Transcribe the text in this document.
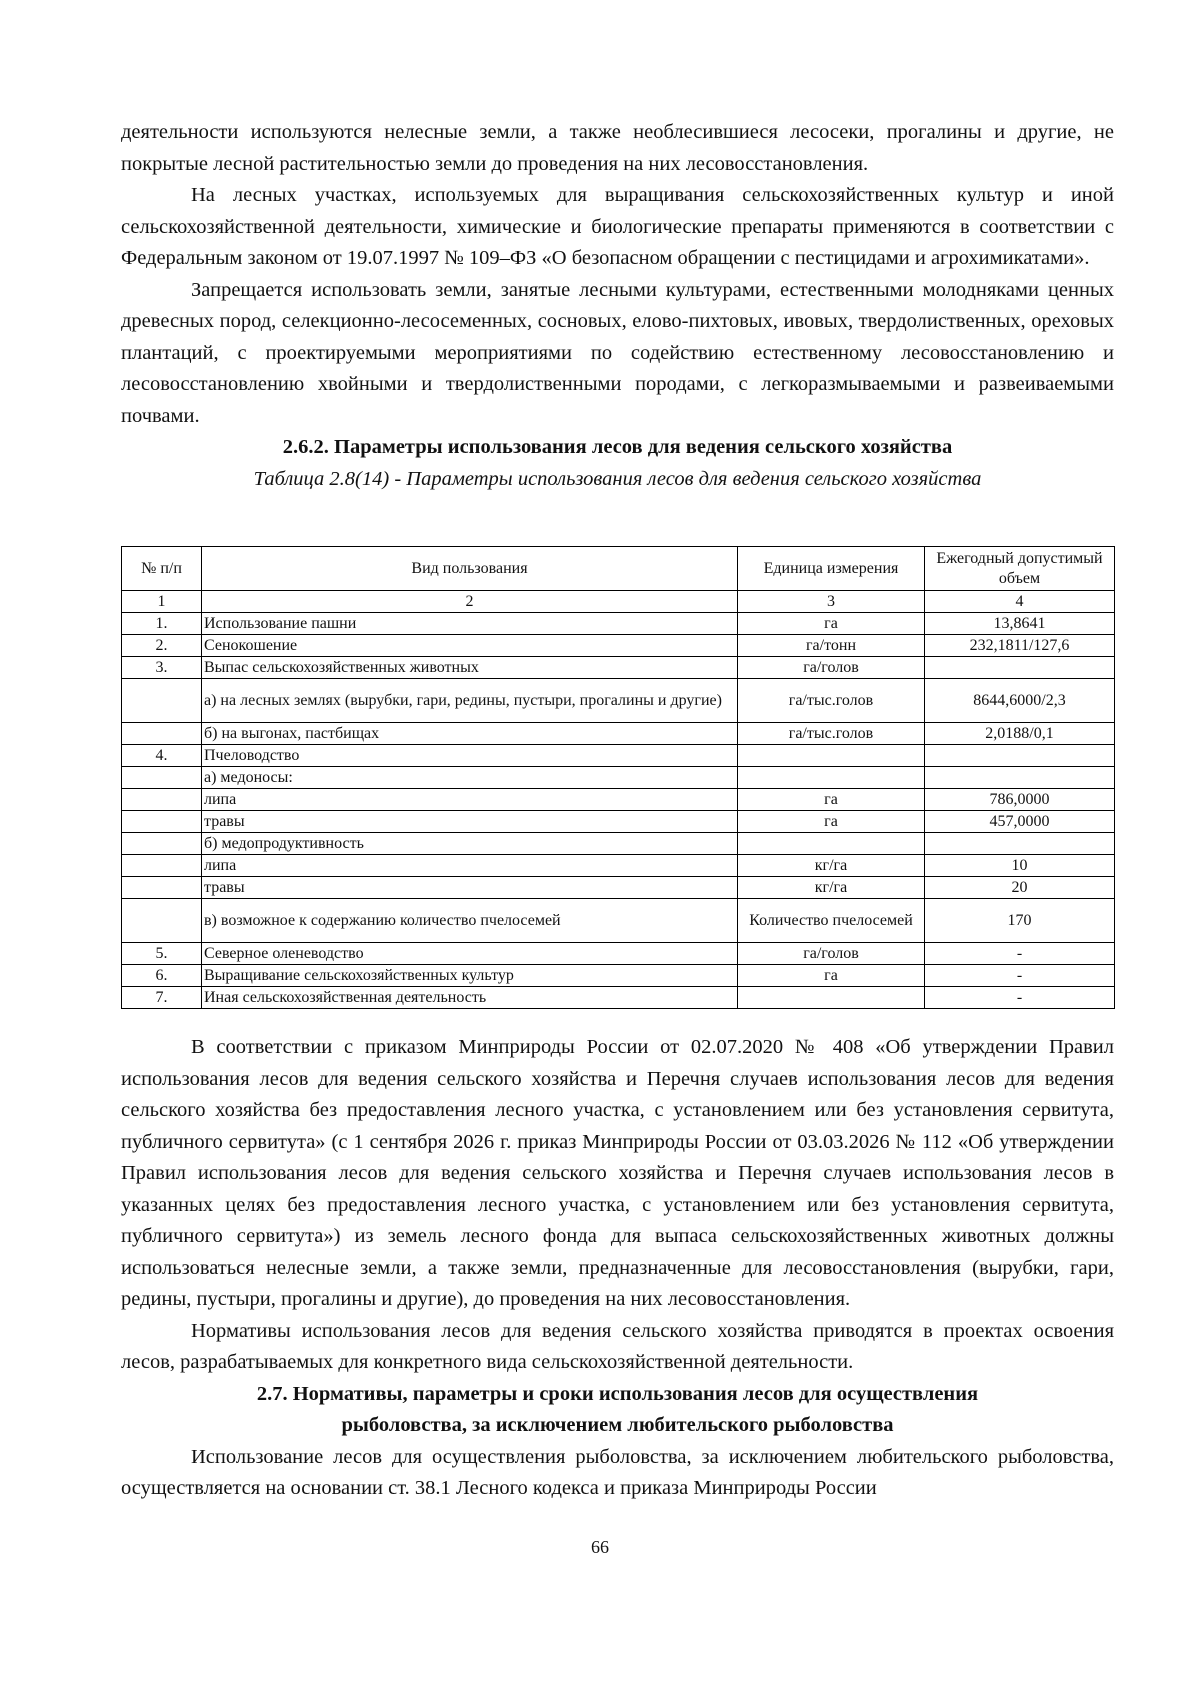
деятельности используются нелесные земли, а также необлесившиеся лесосеки, прогалины и другие, не покрытые лесной растительностью земли до проведения на них лесовосстановления.

На лесных участках, используемых для выращивания сельскохозяйственных культур и иной сельскохозяйственной деятельности, химические и биологические препараты применяются в соответствии с Федеральным законом от 19.07.1997 № 109–ФЗ «О безопасном обращении с пестицидами и агрохимикатами».

Запрещается использовать земли, занятые лесными культурами, естественными молодняками ценных древесных пород, селекционно-лесосеменных, сосновых, елово-пихтовых, ивовых, твердолиственных, ореховых плантаций, с проектируемыми мероприятиями по содействию естественному лесовосстановлению и лесовосстановлению хвойными и твердолиственными породами, с легкоразмываемыми и развеиваемыми почвами.

2.6.2. Параметры использования лесов для ведения сельского хозяйства

Таблица 2.8(14) - Параметры использования лесов для ведения сельского хозяйства

№ п/п	Вид пользования	Единица измерения	Ежегодный допустимый объем
1	2	3	4
1.	Использование пашни	га	13,8641
2.	Сенокошение	га/тонн	232,1811/127,6
3.	Выпас сельскохозяйственных животных	га/голов	
	а) на лесных землях (вырубки, гари, редины, пустыри, прогалины и другие)	га/тыс.голов	8644,6000/2,3
	б) на выгонах, пастбищах	га/тыс.голов	2,0188/0,1
4.	Пчеловодство		
	а) медоносы:		
	липа	га	786,0000
	травы	га	457,0000
	б) медопродуктивность		
	липа	кг/га	10
	травы	кг/га	20
	в) возможное к содержанию количество пчелосемей	Количество пчелосемей	170
5.	Северное оленеводство	га/голов	-
6.	Выращивание сельскохозяйственных культур	га	-
7.	Иная сельскохозяйственная деятельность		-

В соответствии с приказом Минприроды России от 02.07.2020 № 408 «Об утверждении Правил использования лесов для ведения сельского хозяйства и Перечня случаев использования лесов для ведения сельского хозяйства без предоставления лесного участка, с установлением или без установления сервитута, публичного сервитута» (с 1 сентября 2026 г. приказ Минприроды России от 03.03.2026 № 112 «Об утверждении Правил использования лесов для ведения сельского хозяйства и Перечня случаев использования лесов в указанных целях без предоставления лесного участка, с установлением или без установления сервитута, публичного сервитута») из земель лесного фонда для выпаса сельскохозяйственных животных должны использоваться нелесные земли, а также земли, предназначенные для лесовосстановления (вырубки, гари, редины, пустыри, прогалины и другие), до проведения на них лесовосстановления.

Нормативы использования лесов для ведения сельского хозяйства приводятся в проектах освоения лесов, разрабатываемых для конкретного вида сельскохозяйственной деятельности.

2.7. Нормативы, параметры и сроки использования лесов для осуществления

рыболовства, за исключением любительского рыболовства

Использование лесов для осуществления рыболовства, за исключением любительского рыболовства, осуществляется на основании ст. 38.1 Лесного кодекса и приказа Минприроды России

66
